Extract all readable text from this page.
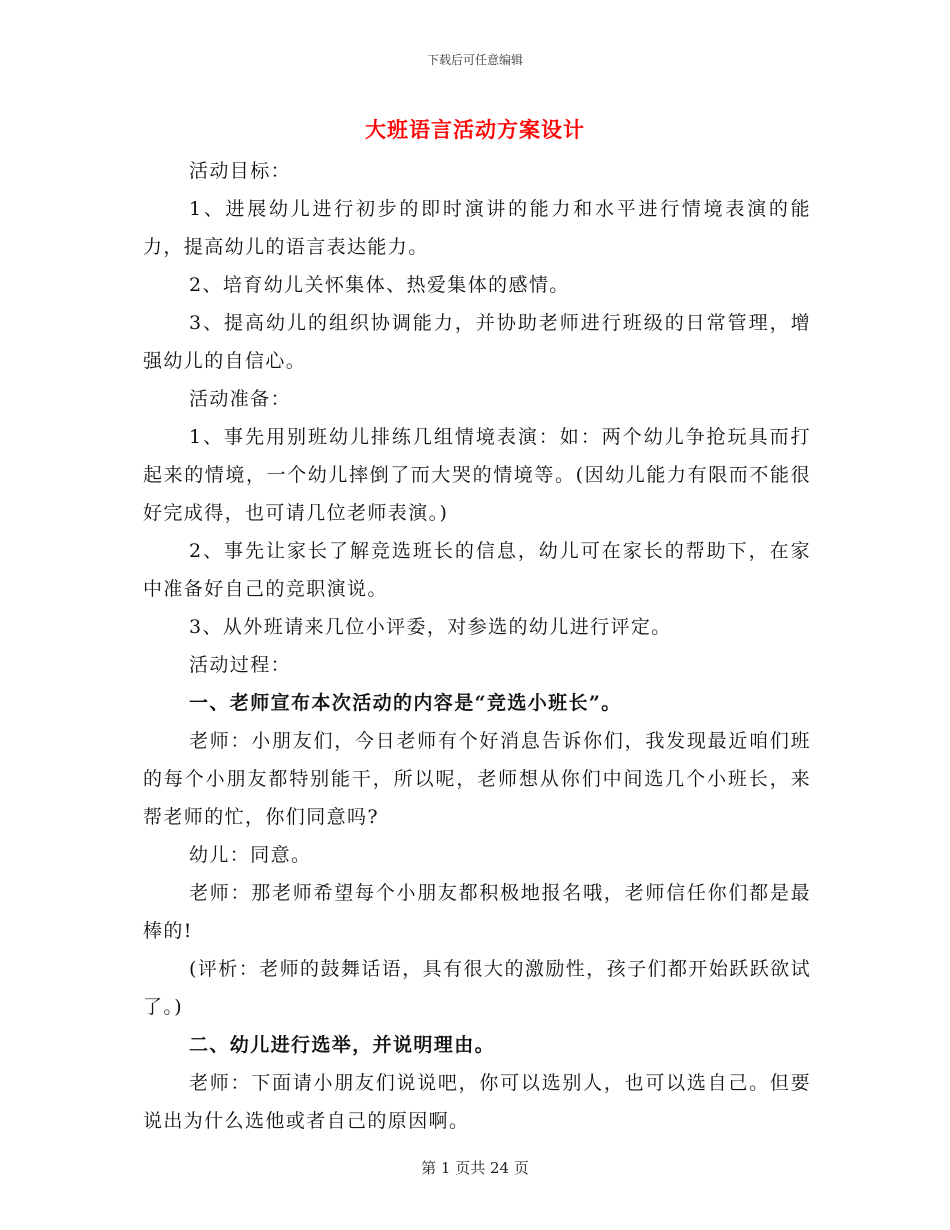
下载后可任意编辑
大班语言活动方案设计

活动目标：

1、进展幼儿进行初步的即时演讲的能力和水平进行情境表演的能力，提高幼儿的语言表达能力。

2、培育幼儿关怀集体、热爱集体的感情。

3、提高幼儿的组织协调能力，并协助老师进行班级的日常管理，增强幼儿的自信心。

活动准备：

1、事先用别班幼儿排练几组情境表演：如：两个幼儿争抢玩具而打起来的情境，一个幼儿摔倒了而大哭的情境等。(因幼儿能力有限而不能很好完成得，也可请几位老师表演。)

2、事先让家长了解竞选班长的信息，幼儿可在家长的帮助下，在家中准备好自己的竞职演说。

3、从外班请来几位小评委，对参选的幼儿进行评定。

活动过程：

一、老师宣布本次活动的内容是“竞选小班长”。

老师：小朋友们，今日老师有个好消息告诉你们，我发现最近咱们班的每个小朋友都特别能干，所以呢，老师想从你们中间选几个小班长，来帮老师的忙，你们同意吗?

幼儿：同意。

老师：那老师希望每个小朋友都积极地报名哦，老师信任你们都是最棒的!

(评析：老师的鼓舞话语，具有很大的激励性，孩子们都开始跃跃欲试了。)

二、幼儿进行选举，并说明理由。

老师：下面请小朋友们说说吧，你可以选别人，也可以选自己。但要说出为什么选他或者自己的原因啊。

第 1 页共 24 页
